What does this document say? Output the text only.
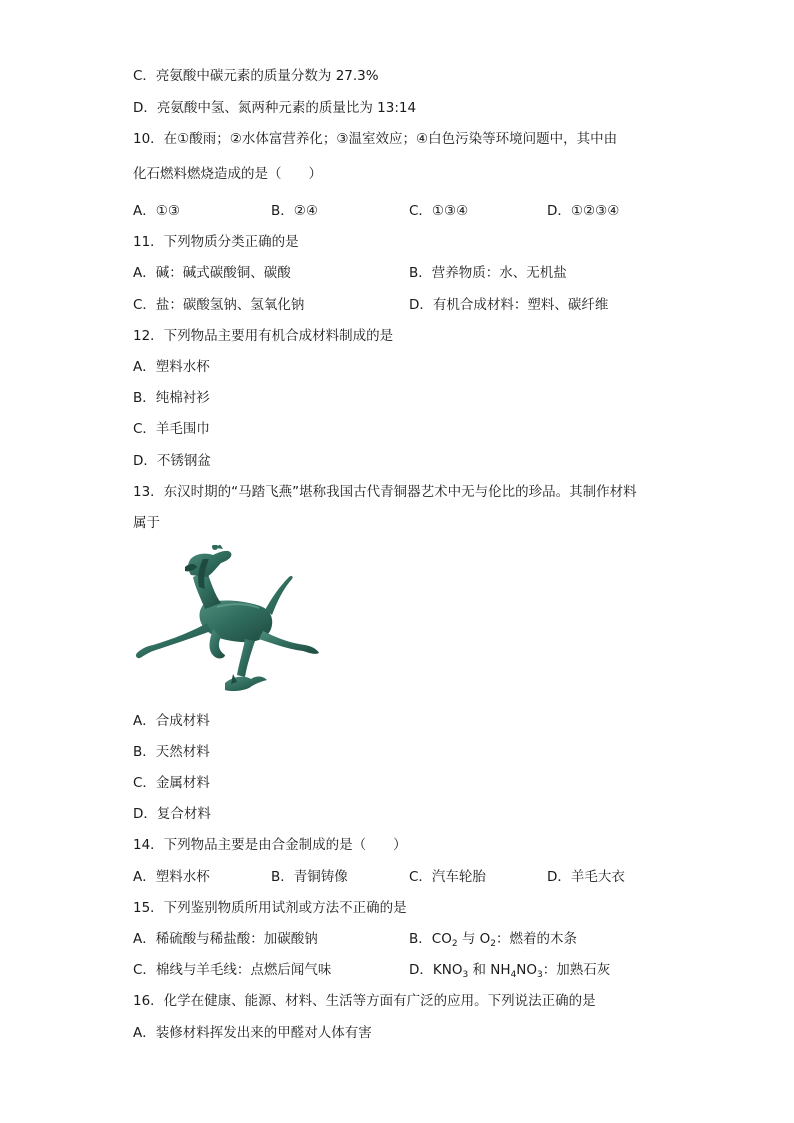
C．亮氨酸中碳元素的质量分数为 27.3%
D．亮氨酸中氢、氮两种元素的质量比为 13:14
10．在①酸雨；②水体富营养化；③温室效应；④白色污染等环境问题中，其中由
化石燃料燃烧造成的是（　　）
A．①③	B．②④	C．①③④	D．①②③④
11．下列物质分类正确的是
A．碱：碱式碳酸铜、碳酸	B．营养物质：水、无机盐
C．盐：碳酸氢钠、氢氧化钠	D．有机合成材料：塑料、碳纤维
12．下列物品主要用有机合成材料制成的是
A．塑料水杯
B．纯棉衬衫
C．羊毛围巾
D．不锈钢盆
13．东汉时期的“马踏飞燕”堪称我国古代青铜器艺术中无与伦比的珍品。其制作材料
属于
A．合成材料
B．天然材料
C．金属材料
D．复合材料
14．下列物品主要是由合金制成的是（　　）
A．塑料水杯	B．青铜铸像	C．汽车轮胎	D．羊毛大衣
15．下列鉴别物质所用试剂或方法不正确的是
A．稀硫酸与稀盐酸：加碳酸钠	B．$CO_2$ 与 $O_2$：燃着的木条
C．棉线与羊毛线：点燃后闻气味	D．$KNO_3$ 和 $NH_4NO_3$：加熟石灰
16．化学在健康、能源、材料、生活等方面有广泛的应用。下列说法正确的是
A．装修材料挥发出来的甲醛对人体有害
